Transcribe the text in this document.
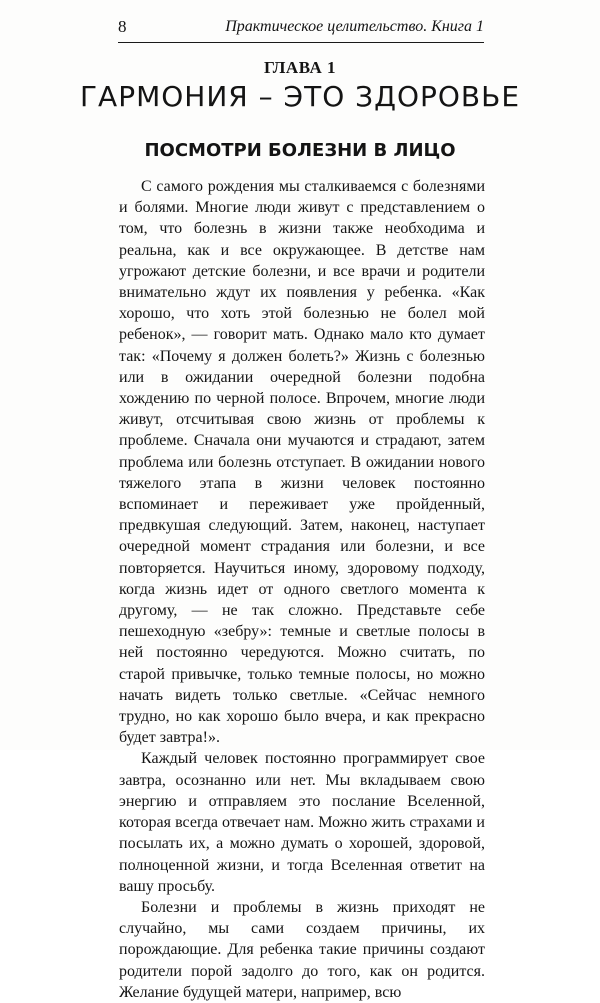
8	Практическое целительство. Книга 1
ГЛАВА 1
ГАРМОНИЯ – ЭТО ЗДОРОВЬЕ
ПОСМОТРИ БОЛЕЗНИ В ЛИЦО

С самого рождения мы сталкиваемся с болезнями и болями. Многие люди живут с представлением о том, что болезнь в жизни также необходима и реальна, как и все окружающее. В детстве нам угрожают детские болезни, и все врачи и родители внимательно ждут их появления у ребенка. «Как хорошо, что хоть этой болезнью не болел мой ребенок», — говорит мать. Однако мало кто думает так: «Почему я должен болеть?» Жизнь с болезнью или в ожидании очередной болезни подобна хождению по черной полосе. Впрочем, многие люди живут, отсчитывая свою жизнь от проблемы к проблеме. Сначала они мучаются и страдают, затем проблема или болезнь отступает. В ожидании нового тяжелого этапа в жизни человек постоянно вспоминает и переживает уже пройденный, предвкушая следующий. Затем, наконец, наступает очередной момент страдания или болезни, и все повторяется. Научиться иному, здоровому подходу, когда жизнь идет от одного светлого момента к другому, — не так сложно. Представьте себе пешеходную «зебру»: темные и светлые полосы в ней постоянно чередуются. Можно считать, по старой привычке, только темные полосы, но можно начать видеть только светлые. «Сейчас немного трудно, но как хорошо было вчера, и как прекрасно будет завтра!».

Каждый человек постоянно программирует свое завтра, осознанно или нет. Мы вкладываем свою энергию и отправляем это послание Вселенной, которая всегда отвечает нам. Можно жить страхами и посылать их, а можно думать о хорошей, здоровой, полноценной жизни, и тогда Вселенная ответит на вашу просьбу.

Болезни и проблемы в жизнь приходят не случайно, мы сами создаем причины, их порождающие. Для ребенка такие причины создают родители порой задолго до того, как он родится. Желание будущей матери, например, всю
